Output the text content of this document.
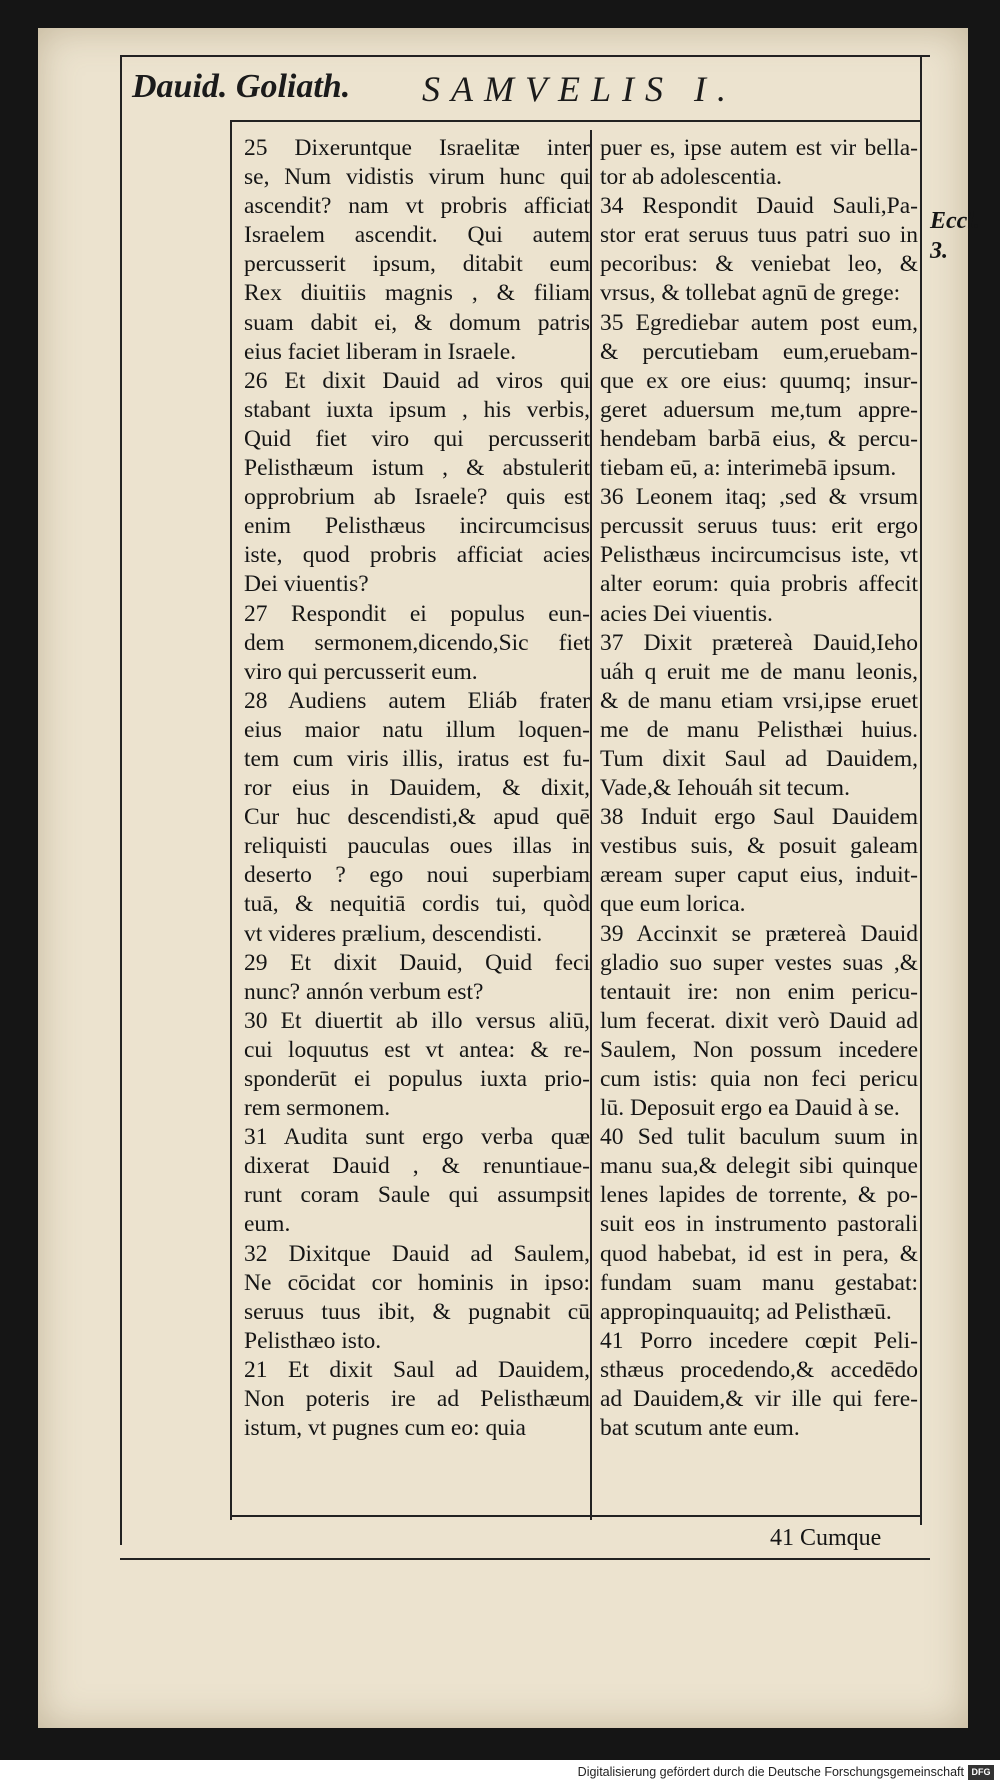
Dauid. Goliath. SAMVELIS I.
Eccl.
3.
25 Dixeruntque Israelitæ inter
se, Num vidistis virum hunc qui
ascendit? nam vt probris afficiat
Israelem ascendit. Qui autem
percusserit ipsum, ditabit eum
Rex diuitiis magnis , & filiam
suam dabit ei, & domum patris
eius faciet liberam in Israele.
26 Et dixit Dauid ad viros qui
stabant iuxta ipsum , his verbis,
Quid fiet viro qui percusserit
Pelisthæum istum , & abstulerit
opprobrium ab Israele? quis est
enim Pelisthæus incircumcisus
iste, quod probris afficiat acies
Dei viuentis?
27 Respondit ei populus eun-
dem sermonem,dicendo,Sic fiet
viro qui percusserit eum.
28 Audiens autem Eliáb frater
eius maior natu illum loquen-
tem cum viris illis, iratus est fu-
ror eius in Dauidem, & dixit,
Cur huc descendisti,& apud quē
reliquisti pauculas oues illas in
deserto ? ego noui superbiam
tuā, & nequitiā cordis tui, quòd
vt videres prælium, descendisti.
29 Et dixit Dauid, Quid feci
nunc? annón verbum est?
30 Et diuertit ab illo versus aliū,
cui loquutus est vt antea: & re-
sponderūt ei populus iuxta prio-
rem sermonem.
31 Audita sunt ergo verba quæ
dixerat Dauid , & renuntiaue-
runt coram Saule qui assumpsit
eum.
32 Dixitque Dauid ad Saulem,
Ne cōcidat cor hominis in ipso:
seruus tuus ibit, & pugnabit cū
Pelisthæo isto.
21 Et dixit Saul ad Dauidem,
Non poteris ire ad Pelisthæum
istum, vt pugnes cum eo: quia
puer es, ipse autem est vir bella-
tor ab adolescentia.
34 Respondit Dauid Sauli,Pa-
stor erat seruus tuus patri suo in
pecoribus: & veniebat leo, &
vrsus, & tollebat agnū de grege:
35 Egrediebar autem post eum,
& percutiebam eum,eruebam-
que ex ore eius: quumq; insur-
geret aduersum me,tum appre-
hendebam barbā eius, & percu-
tiebam eū, a: interimebā ipsum.
36 Leonem itaq; ,sed & vrsum
percussit seruus tuus: erit ergo
Pelisthæus incircumcisus iste, vt
alter eorum: quia probris affecit
acies Dei viuentis.
37 Dixit prætereà Dauid,Ieho
uáh q eruit me de manu leonis,
& de manu etiam vrsi,ipse eruet
me de manu Pelisthæi huius.
Tum dixit Saul ad Dauidem,
Vade,& Iehouáh sit tecum.
38 Induit ergo Saul Dauidem
vestibus suis, & posuit galeam
æream super caput eius, induit-
que eum lorica.
39 Accinxit se prætereà Dauid
gladio suo super vestes suas ,&
tentauit ire: non enim pericu-
lum fecerat. dixit verò Dauid ad
Saulem, Non possum incedere
cum istis: quia non feci pericu
lū. Deposuit ergo ea Dauid à se.
40 Sed tulit baculum suum in
manu sua,& delegit sibi quinque
lenes lapides de torrente, & po-
suit eos in instrumento pastorali
quod habebat, id est in pera, &
fundam suam manu gestabat:
appropinquauitq; ad Pelisthæū.
41 Porro incedere cœpit Peli-
sthæus procedendo,& accedēdo
ad Dauidem,& vir ille qui fere-
bat scutum ante eum.
41 Cumque
Digitalisierung gefördert durch die Deutsche Forschungsgemeinschaft DFG
